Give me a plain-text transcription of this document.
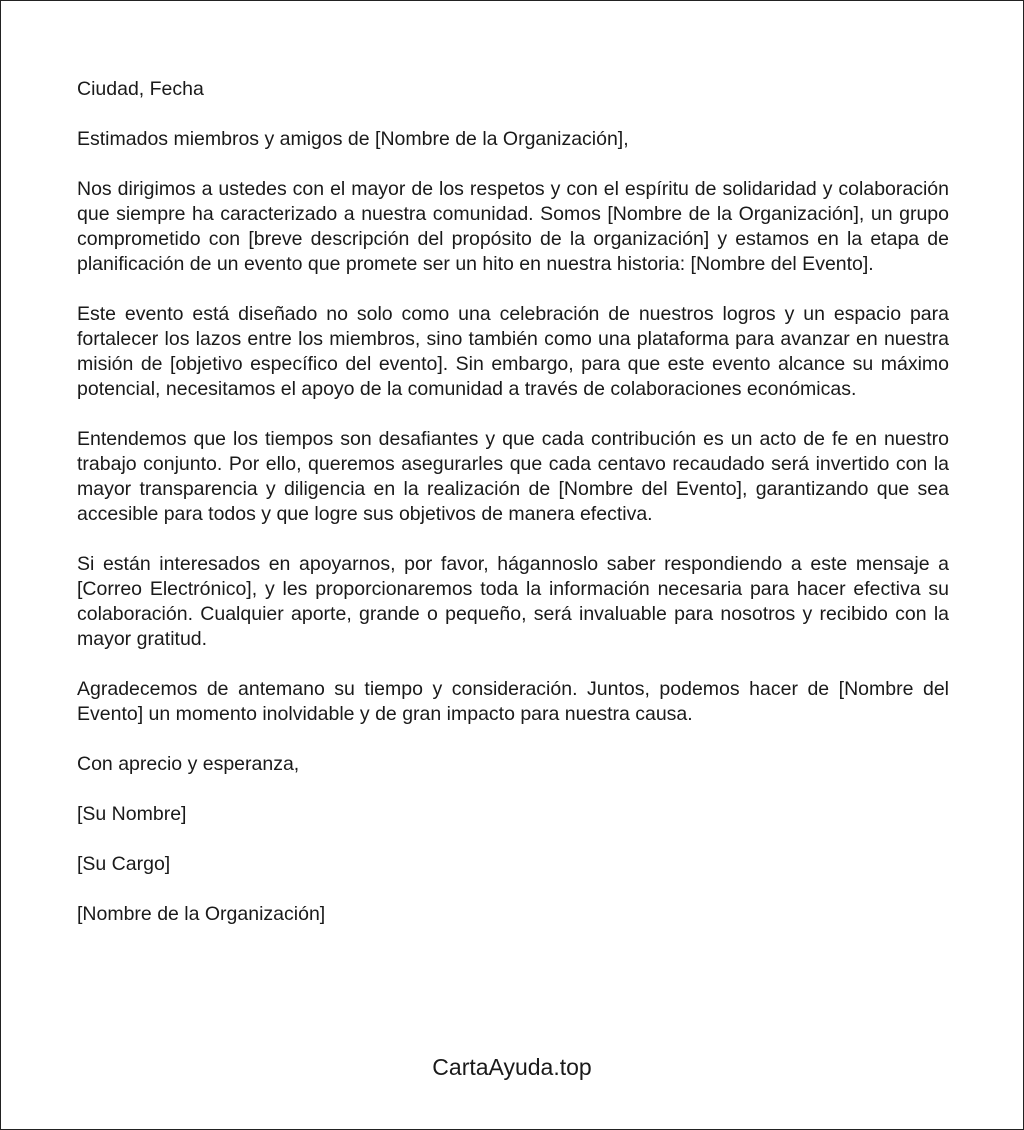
Ciudad, Fecha

Estimados miembros y amigos de [Nombre de la Organización],

Nos dirigimos a ustedes con el mayor de los respetos y con el espíritu de solidaridad y colaboración que siempre ha caracterizado a nuestra comunidad. Somos [Nombre de la Organización], un grupo comprometido con [breve descripción del propósito de la organización] y estamos en la etapa de planificación de un evento que promete ser un hito en nuestra historia: [Nombre del Evento].

Este evento está diseñado no solo como una celebración de nuestros logros y un espacio para fortalecer los lazos entre los miembros, sino también como una plataforma para avanzar en nuestra misión de [objetivo específico del evento]. Sin embargo, para que este evento alcance su máximo potencial, necesitamos el apoyo de la comunidad a través de colaboraciones económicas.

Entendemos que los tiempos son desafiantes y que cada contribución es un acto de fe en nuestro trabajo conjunto. Por ello, queremos asegurarles que cada centavo recaudado será invertido con la mayor transparencia y diligencia en la realización de [Nombre del Evento], garantizando que sea accesible para todos y que logre sus objetivos de manera efectiva.

Si están interesados en apoyarnos, por favor, hágannoslo saber respondiendo a este mensaje a [Correo Electrónico], y les proporcionaremos toda la información necesaria para hacer efectiva su colaboración. Cualquier aporte, grande o pequeño, será invaluable para nosotros y recibido con la mayor gratitud.

Agradecemos de antemano su tiempo y consideración. Juntos, podemos hacer de [Nombre del Evento] un momento inolvidable y de gran impacto para nuestra causa.

Con aprecio y esperanza,

[Su Nombre]

[Su Cargo]

[Nombre de la Organización]

CartaAyuda.top
